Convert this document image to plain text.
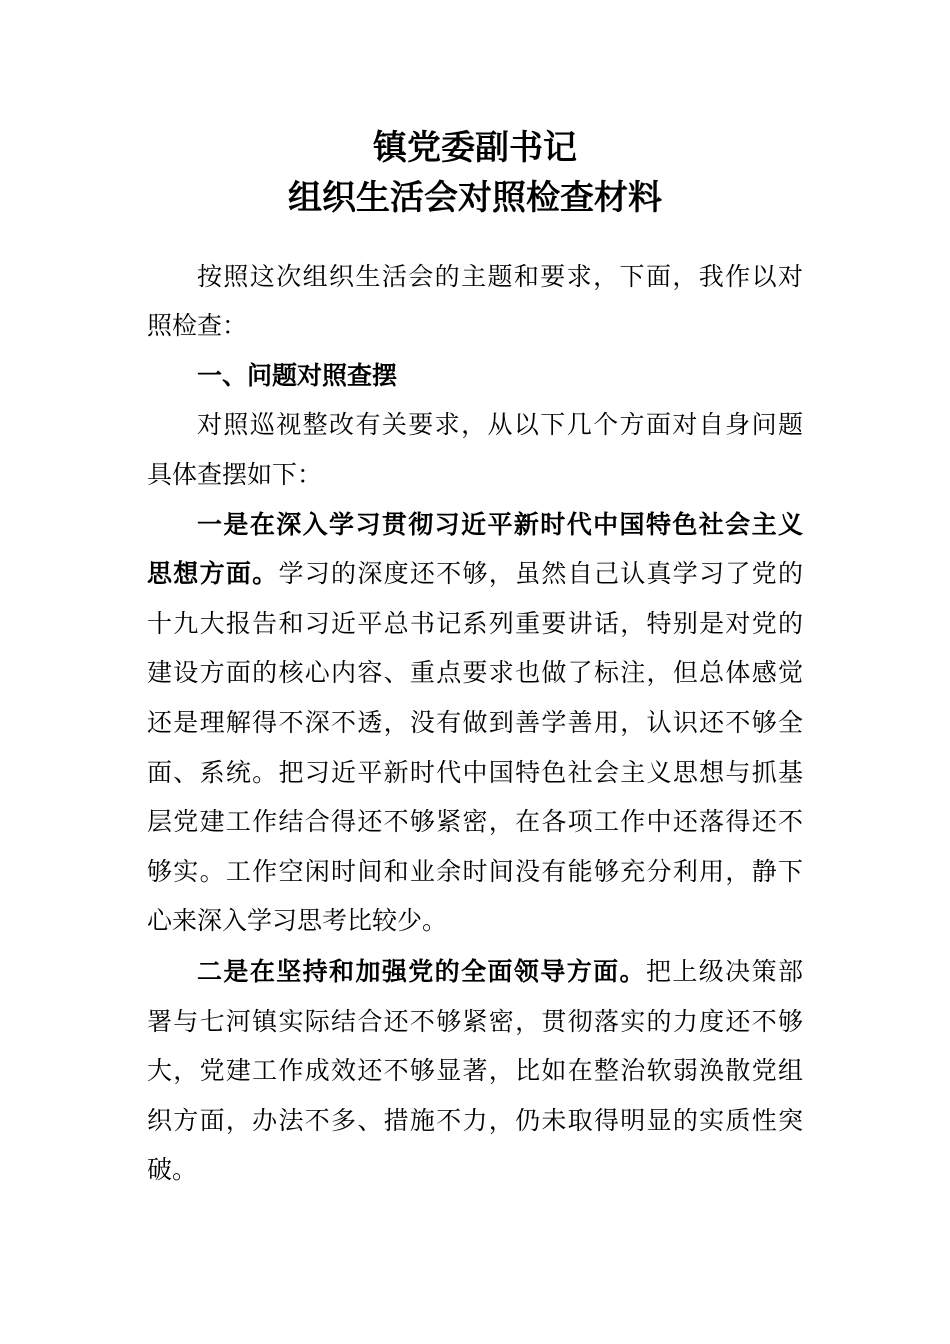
镇党委副书记
组织生活会对照检查材料

按照这次组织生活会的主题和要求，下面，我作以对

照检查：

一、问题对照查摆

对照巡视整改有关要求，从以下几个方面对自身问题

具体查摆如下：

一是在深入学习贯彻习近平新时代中国特色社会主义

思想方面。学习的深度还不够，虽然自己认真学习了党的

十九大报告和习近平总书记系列重要讲话，特别是对党的

建设方面的核心内容、重点要求也做了标注，但总体感觉

还是理解得不深不透，没有做到善学善用，认识还不够全

面、系统。把习近平新时代中国特色社会主义思想与抓基

层党建工作结合得还不够紧密，在各项工作中还落得还不

够实。工作空闲时间和业余时间没有能够充分利用，静下

心来深入学习思考比较少。

二是在坚持和加强党的全面领导方面。把上级决策部

署与七河镇实际结合还不够紧密，贯彻落实的力度还不够

大，党建工作成效还不够显著，比如在整治软弱涣散党组

织方面，办法不多、措施不力，仍未取得明显的实质性突

破。
